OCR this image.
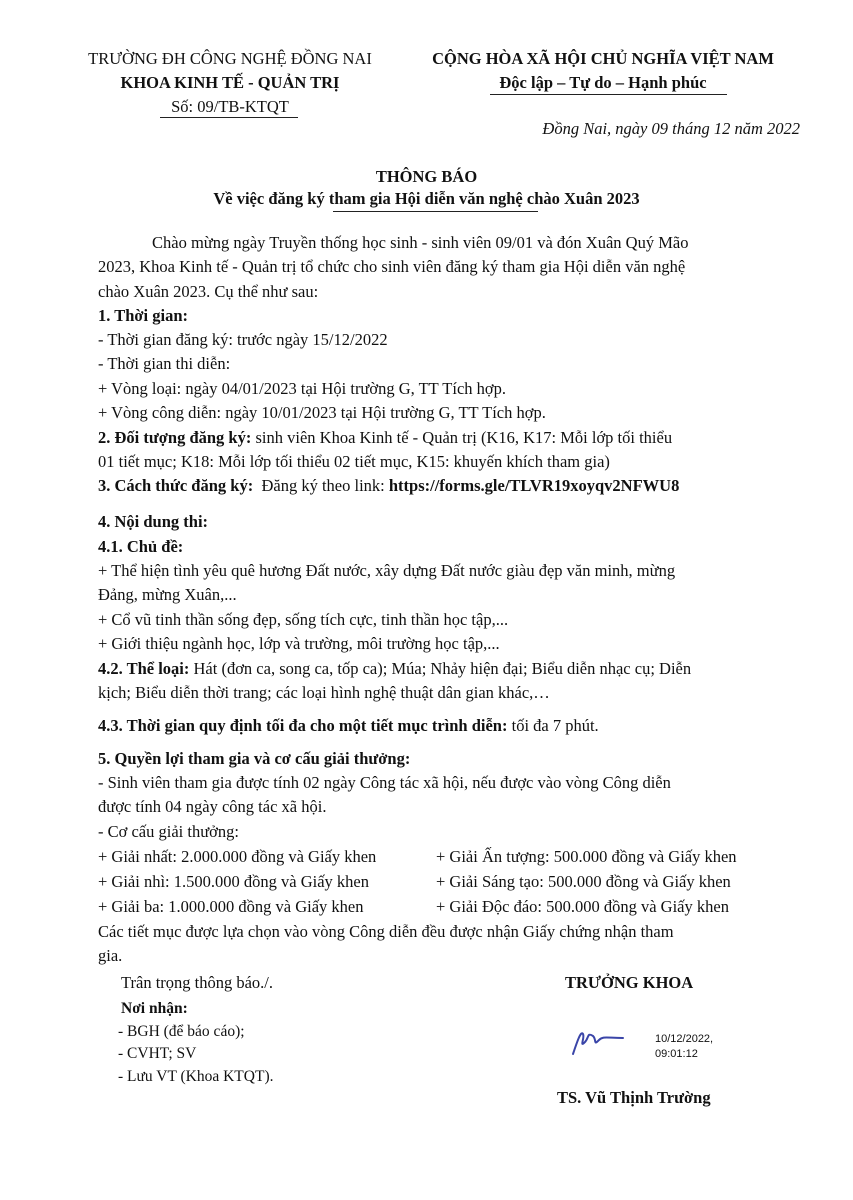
TRƯỜNG ĐH CÔNG NGHỆ ĐỒNG NAI
KHOA KINH TẾ - QUẢN TRỊ
Số: 09/TB-KTQT
CỘNG HÒA XÃ HỘI CHỦ NGHĨA VIỆT NAM
Độc lập – Tự do – Hạnh phúc
Đồng Nai, ngày 09 tháng 12 năm 2022
THÔNG BÁO
Về việc đăng ký tham gia Hội diễn văn nghệ chào Xuân 2023
Chào mừng ngày Truyền thống học sinh - sinh viên 09/01 và đón Xuân Quý Mão
2023, Khoa Kinh tế - Quản trị tổ chức cho sinh viên đăng ký tham gia Hội diễn văn nghệ
chào Xuân 2023. Cụ thể như sau:
1. Thời gian:
- Thời gian đăng ký: trước ngày 15/12/2022
- Thời gian thi diễn:
+ Vòng loại: ngày 04/01/2023 tại Hội trường G, TT Tích hợp.
+ Vòng công diễn: ngày 10/01/2023 tại Hội trường G, TT Tích hợp.
2. Đối tượng đăng ký: sinh viên Khoa Kinh tế - Quản trị (K16, K17: Mỗi lớp tối thiểu
01 tiết mục; K18: Mỗi lớp tối thiểu 02 tiết mục, K15: khuyến khích tham gia)
3. Cách thức đăng ký:  Đăng ký theo link: https://forms.gle/TLVR19xoyqv2NFWU8
4. Nội dung thi:
4.1. Chủ đề:
+ Thể hiện tình yêu quê hương Đất nước, xây dựng Đất nước giàu đẹp văn minh, mừng
Đảng, mừng Xuân,...
+ Cổ vũ tinh thần sống đẹp, sống tích cực, tinh thần học tập,...
+ Giới thiệu ngành học, lớp và trường, môi trường học tập,...
4.2. Thể loại: Hát (đơn ca, song ca, tốp ca); Múa; Nhảy hiện đại; Biểu diễn nhạc cụ; Diễn
kịch; Biểu diễn thời trang; các loại hình nghệ thuật dân gian khác,…
4.3. Thời gian quy định tối đa cho một tiết mục trình diễn: tối đa 7 phút.
5. Quyền lợi tham gia và cơ cấu giải thưởng:
- Sinh viên tham gia được tính 02 ngày Công tác xã hội, nếu được vào vòng Công diễn
được tính 04 ngày công tác xã hội.
- Cơ cấu giải thưởng:
+ Giải nhất: 2.000.000 đồng và Giấy khen
+ Giải nhì: 1.500.000 đồng và Giấy khen
+ Giải ba: 1.000.000 đồng và Giấy khen
+ Giải Ấn tượng: 500.000 đồng và Giấy khen
+ Giải Sáng tạo: 500.000 đồng và Giấy khen
+ Giải Độc đáo: 500.000 đồng và Giấy khen
Các tiết mục được lựa chọn vào vòng Công diễn đều được nhận Giấy chứng nhận tham
gia.
Trân trọng thông báo./.
Nơi nhận:
- BGH (để báo cáo);
- CVHT; SV
- Lưu VT (Khoa KTQT).
TRƯỞNG KHOA
10/12/2022,
09:01:12
TS. Vũ Thịnh Trường
